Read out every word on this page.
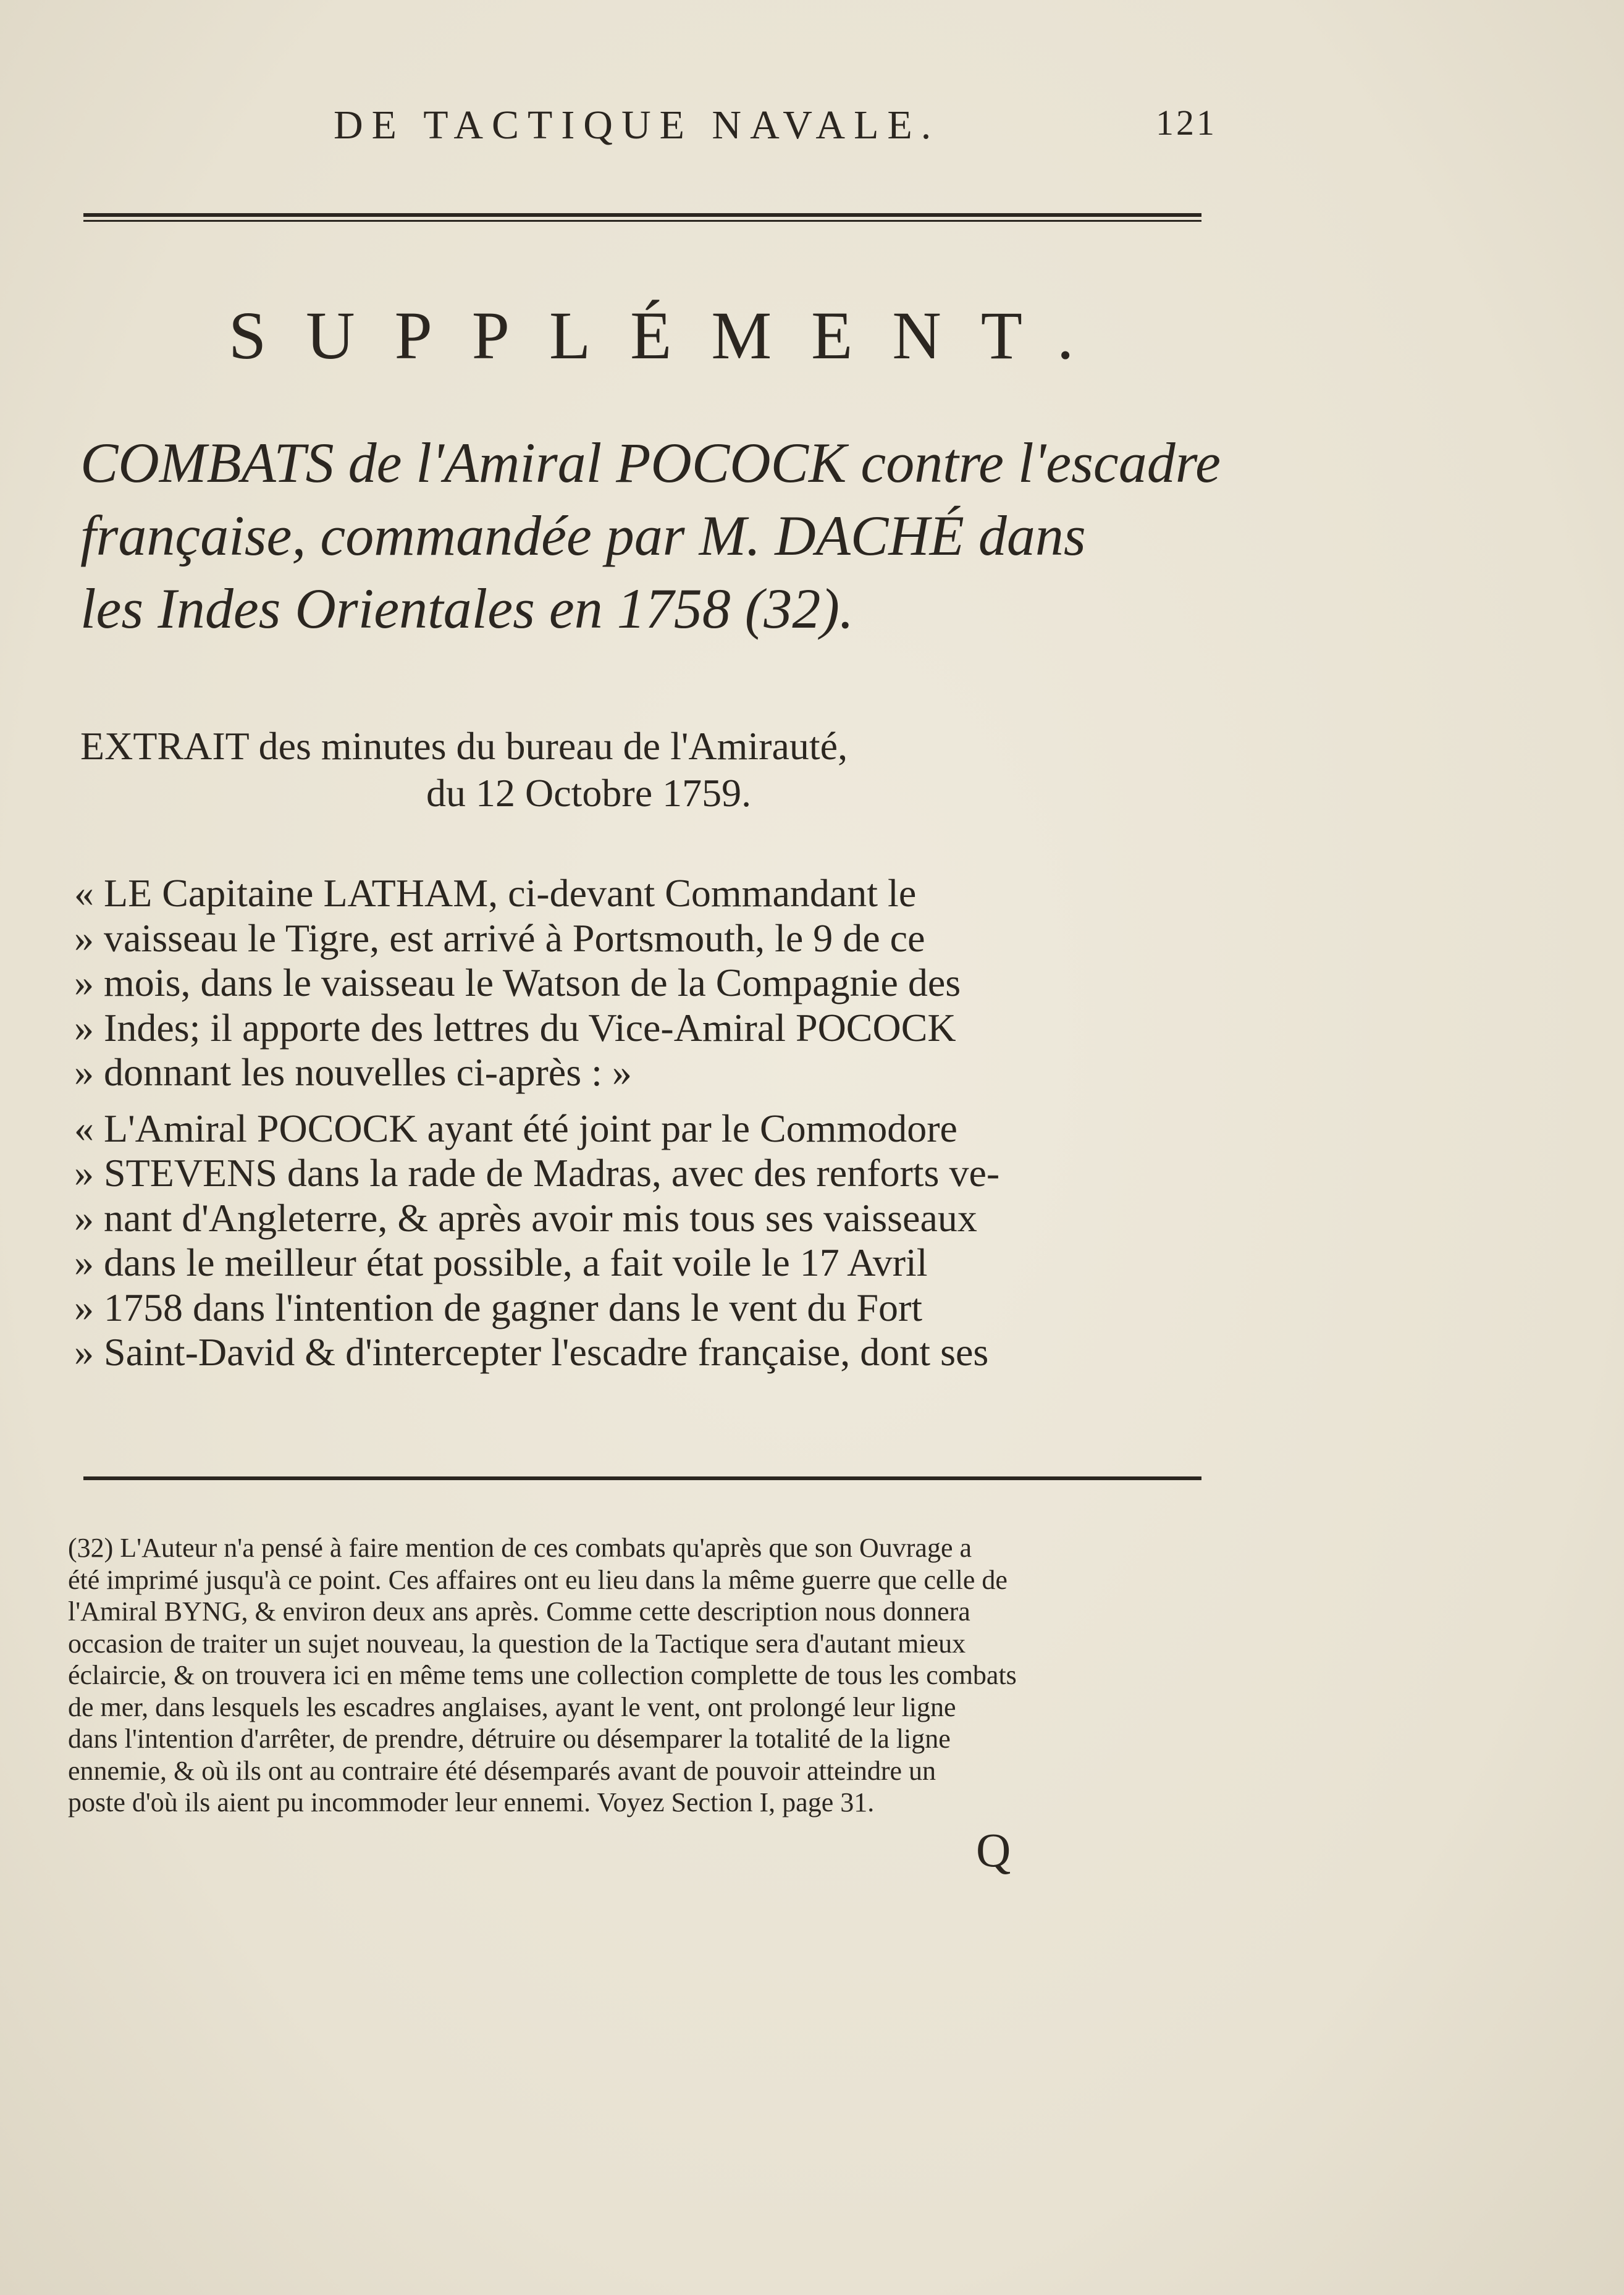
DE TACTIQUE NAVALE.	121
SUPPLÉMENT.
COMBATS de l'Amiral POCOCK contre l'escadre
française, commandée par M. DACHÉ dans
les Indes Orientales en 1758 (32).
EXTRAIT des minutes du bureau de l'Amirauté,
du 12 Octobre 1759.
« LE Capitaine LATHAM, ci-devant Commandant le
» vaisseau le Tigre, est arrivé à Portsmouth, le 9 de ce
» mois, dans le vaisseau le Watson de la Compagnie des
» Indes; il apporte des lettres du Vice-Amiral POCOCK
» donnant les nouvelles ci-après : »
« L'Amiral POCOCK ayant été joint par le Commodore
» STEVENS dans la rade de Madras, avec des renforts ve-
» nant d'Angleterre, & après avoir mis tous ses vaisseaux
» dans le meilleur état possible, a fait voile le 17 Avril
» 1758 dans l'intention de gagner dans le vent du Fort
» Saint-David & d'intercepter l'escadre française, dont ses
(32) L'Auteur n'a pensé à faire mention de ces combats qu'après que son Ouvrage a
été imprimé jusqu'à ce point. Ces affaires ont eu lieu dans la même guerre que celle de
l'Amiral BYNG, & environ deux ans après. Comme cette description nous donnera
occasion de traiter un sujet nouveau, la question de la Tactique sera d'autant mieux
éclaircie, & on trouvera ici en même tems une collection complette de tous les combats
de mer, dans lesquels les escadres anglaises, ayant le vent, ont prolongé leur ligne
dans l'intention d'arrêter, de prendre, détruire ou désemparer la totalité de la ligne
ennemie, & où ils ont au contraire été désemparés avant de pouvoir atteindre un
poste d'où ils aient pu incommoder leur ennemi. Voyez Section I, page 31.
Q
